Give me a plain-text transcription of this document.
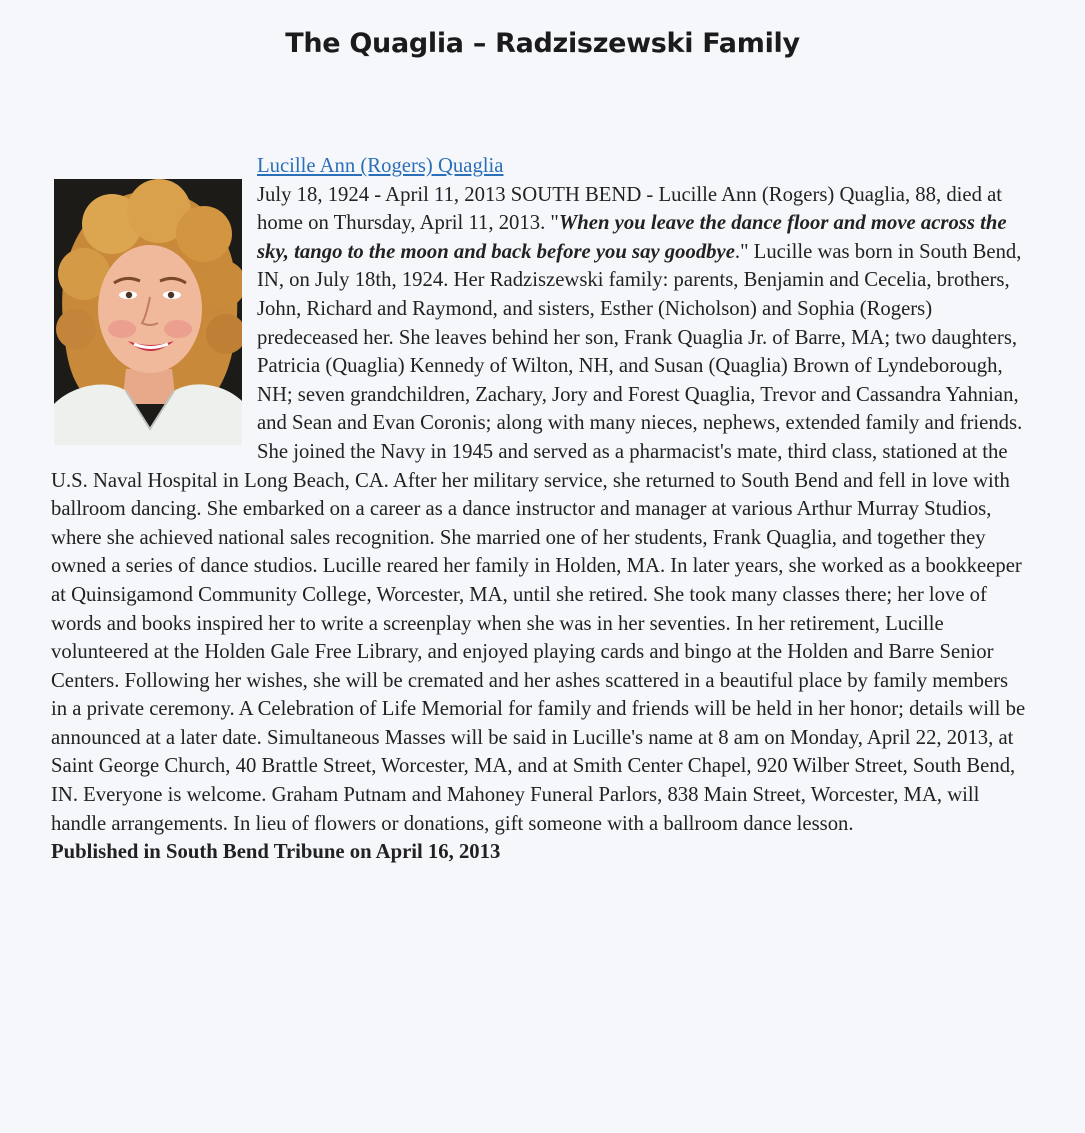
The Quaglia – Radziszewski Family
Lucille Ann (Rogers) Quaglia
July 18, 1924 - April 11, 2013 SOUTH BEND - Lucille Ann (Rogers) Quaglia, 88, died at home on Thursday, April 11, 2013. "When you leave the dance floor and move across the sky, tango to the moon and back before you say goodbye." Lucille was born in South Bend, IN, on July 18th, 1924. Her Radziszewski family: parents, Benjamin and Cecelia, brothers, John, Richard and Raymond, and sisters, Esther (Nicholson) and Sophia (Rogers) predeceased her. She leaves behind her son, Frank Quaglia Jr. of Barre, MA; two daughters, Patricia (Quaglia) Kennedy of Wilton, NH, and Susan (Quaglia) Brown of Lyndeborough, NH; seven grandchildren, Zachary, Jory and Forest Quaglia, Trevor and Cassandra Yahnian, and Sean and Evan Coronis; along with many nieces, nephews, extended family and friends. She joined the Navy in 1945 and served as a pharmacist's mate, third class, stationed at the U.S. Naval Hospital in Long Beach, CA. After her military service, she returned to South Bend and fell in love with ballroom dancing. She embarked on a career as a dance instructor and manager at various Arthur Murray Studios, where she achieved national sales recognition. She married one of her students, Frank Quaglia, and together they owned a series of dance studios. Lucille reared her family in Holden, MA. In later years, she worked as a bookkeeper at Quinsigamond Community College, Worcester, MA, until she retired. She took many classes there; her love of words and books inspired her to write a screenplay when she was in her seventies. In her retirement, Lucille volunteered at the Holden Gale Free Library, and enjoyed playing cards and bingo at the Holden and Barre Senior Centers. Following her wishes, she will be cremated and her ashes scattered in a beautiful place by family members in a private ceremony. A Celebration of Life Memorial for family and friends will be held in her honor; details will be announced at a later date. Simultaneous Masses will be said in Lucille's name at 8 am on Monday, April 22, 2013, at Saint George Church, 40 Brattle Street, Worcester, MA, and at Smith Center Chapel, 920 Wilber Street, South Bend, IN. Everyone is welcome. Graham Putnam and Mahoney Funeral Parlors, 838 Main Street, Worcester, MA, will handle arrangements. In lieu of flowers or donations, gift someone with a ballroom dance lesson.
Published in South Bend Tribune on April 16, 2013
